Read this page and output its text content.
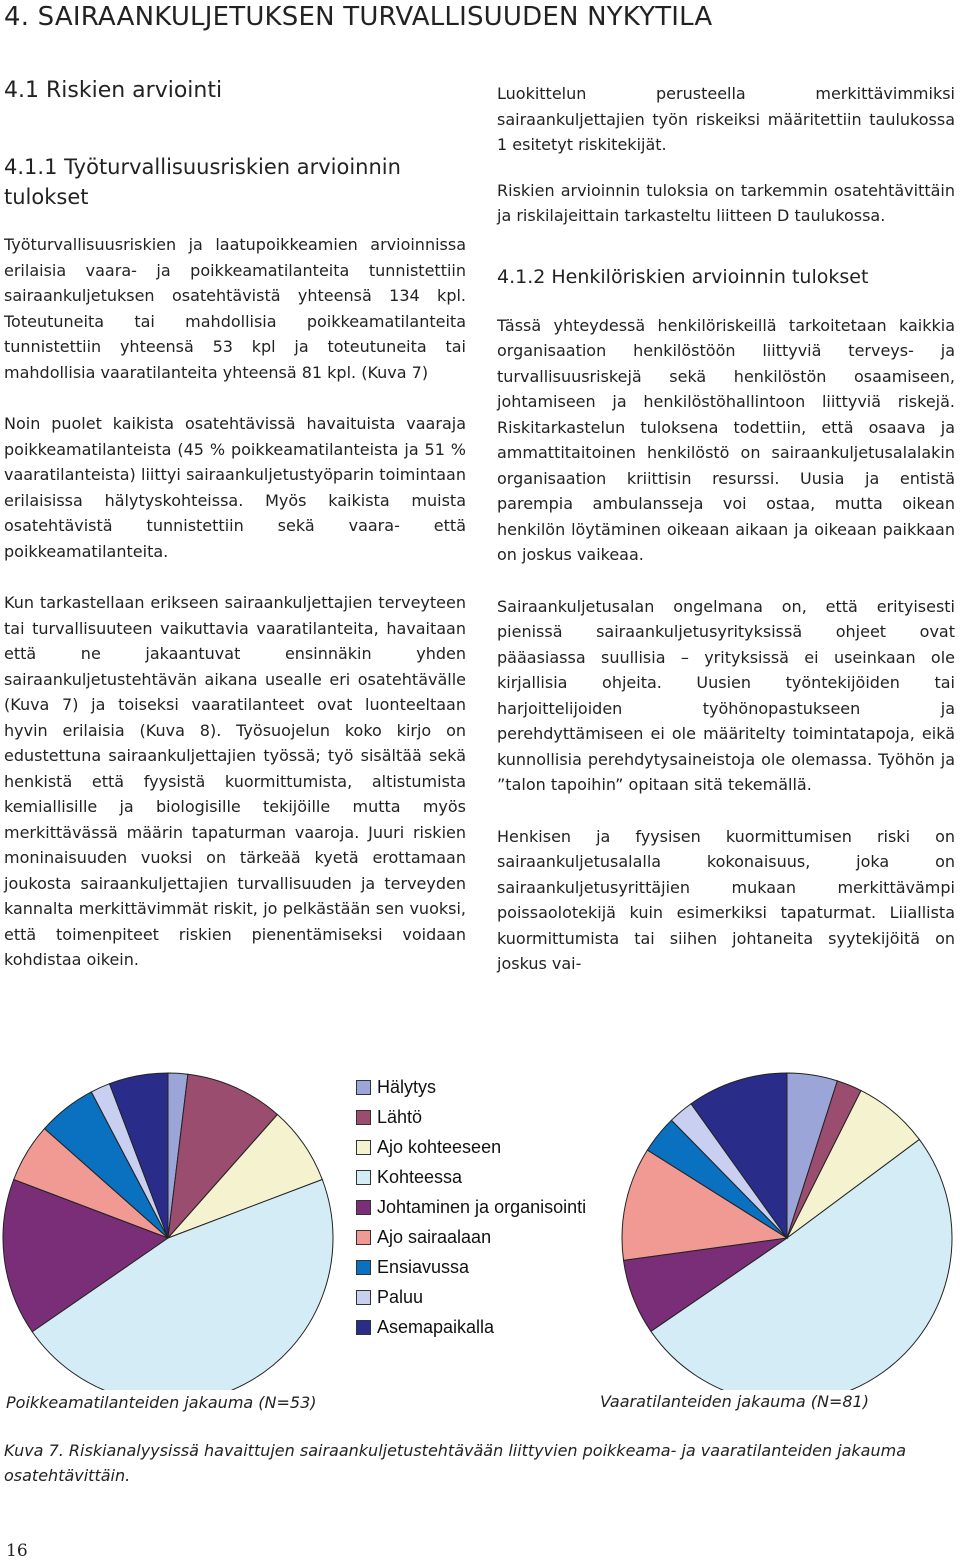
4. SAIRAANKULJETUKSEN TURVALLISUUDEN NYKYTILA
4.1 Riskien arviointi
4.1.1 Työturvallisuusriskien arvioinnin tulokset

Työturvallisuusriskien ja laatupoikkeamien arvioinnissa erilaisia vaara- ja poikkeamatilanteita tunnistettiin sairaankuljetuksen osatehtävistä yhteensä 134 kpl. Toteutuneita tai mahdollisia poikkeamatilanteita tunnistettiin yhteensä 53 kpl ja toteutuneita tai mahdollisia vaaratilanteita yhteensä 81 kpl. (Kuva 7)

Noin puolet kaikista osatehtävissä havaituista vaaraja poikkeamatilanteista (45 % poikkeamatilanteista ja 51 % vaaratilanteista) liittyi sairaankuljetustyöparin toimintaan erilaisissa hälytyskohteissa. Myös kaikista muista osatehtävistä tunnistettiin sekä vaara- että poikkeamatilanteita.

Kun tarkastellaan erikseen sairaankuljettajien terveyteen tai turvallisuuteen vaikuttavia vaaratilanteita, havaitaan että ne jakaantuvat ensinnäkin yhden sairaankuljetustehtävän aikana usealle eri osatehtävälle (Kuva 7) ja toiseksi vaaratilanteet ovat luonteeltaan hyvin erilaisia (Kuva 8). Työsuojelun koko kirjo on edustettuna sairaankuljettajien työssä; työ sisältää sekä henkistä että fyysistä kuormittumista, altistumista kemiallisille ja biologisille tekijöille mutta myös merkittävässä määrin tapaturman vaaroja. Juuri riskien moninaisuuden vuoksi on tärkeää kyetä erottamaan joukosta sairaankuljettajien turvallisuuden ja terveyden kannalta merkittävimmät riskit, jo pelkästään sen vuoksi, että toimenpiteet riskien pienentämiseksi voidaan kohdistaa oikein.

Luokittelun perusteella merkittävimmiksi sairaankuljettajien työn riskeiksi määritettiin taulukossa 1 esitetyt riskitekijät.

Riskien arvioinnin tuloksia on tarkemmin osatehtävittäin ja riskilajeittain tarkasteltu liitteen D taulukossa.

4.1.2 Henkilöriskien arvioinnin tulokset

Tässä yhteydessä henkilöriskeillä tarkoitetaan kaikkia organisaation henkilöstöön liittyviä terveys- ja turvallisuusriskejä sekä henkilöstön osaamiseen, johtamiseen ja henkilöstöhallintoon liittyviä riskejä. Riskitarkastelun tuloksena todettiin, että osaava ja ammattitaitoinen henkilöstö on sairaankuljetusalalakin organisaation kriittisin resurssi. Uusia ja entistä parempia ambulansseja voi ostaa, mutta oikean henkilön löytäminen oikeaan aikaan ja oikeaan paikkaan on joskus vaikeaa.

Sairaankuljetusalan ongelmana on, että erityisesti pienissä sairaankuljetusyrityksissä ohjeet ovat pääasiassa suullisia – yrityksissä ei useinkaan ole kirjallisia ohjeita. Uusien työntekijöiden tai harjoittelijoiden työhönopastukseen ja perehdyttämiseen ei ole määritelty toimintatapoja, eikä kunnollisia perehdytysaineistoja ole olemassa. Työhön ja ”talon tapoihin” opitaan sitä tekemällä.

Henkisen ja fyysisen kuormittumisen riski on sairaankuljetusalalla kokonaisuus, joka on sairaankuljetusyrittäjien mukaan merkittävämpi poissaolotekijä kuin esimerkiksi tapaturmat. Liiallista kuormittumista tai siihen johtaneita syytekijöitä on joskus vai-

Hälytys
Lähtö
Ajo kohteeseen
Kohteessa
Johtaminen ja organisointi
Ajo sairaalaan
Ensiavussa
Paluu
Asemapaikalla
Poikkeamatilanteiden jakauma (N=53)	Vaaratilanteiden jakauma (N=81)
Kuva 7. Riskianalyysissä havaittujen sairaankuljetustehtävään liittyvien poikkeama- ja vaaratilanteiden jakauma osatehtävittäin.
16
